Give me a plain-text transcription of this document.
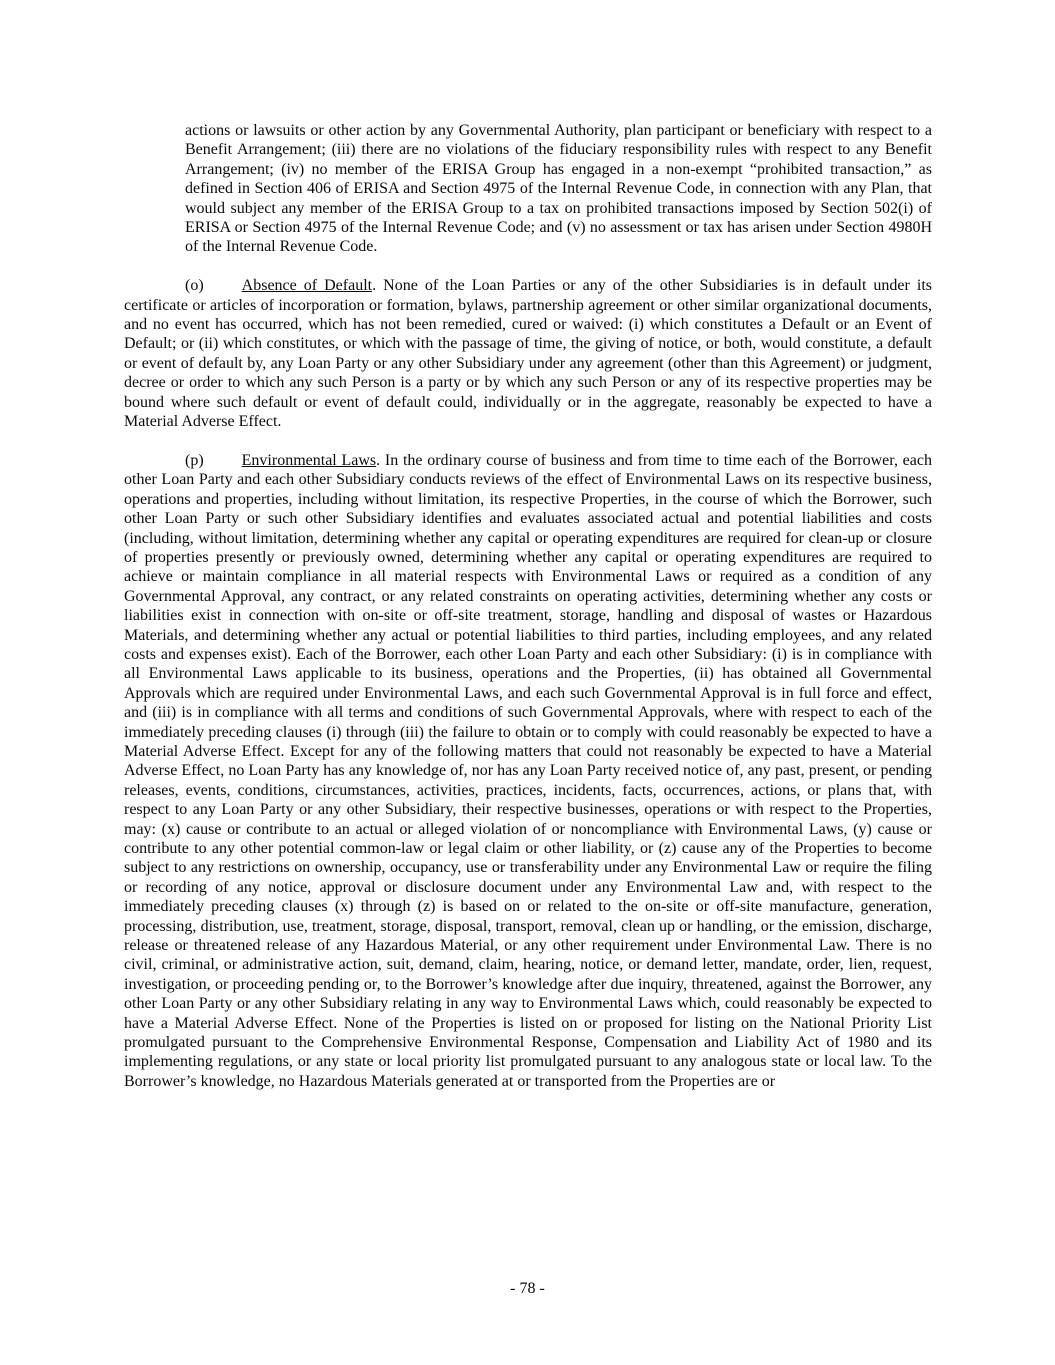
actions or lawsuits or other action by any Governmental Authority, plan participant or beneficiary with respect to a Benefit Arrangement; (iii) there are no violations of the fiduciary responsibility rules with respect to any Benefit Arrangement; (iv) no member of the ERISA Group has engaged in a non-exempt “prohibited transaction,” as defined in Section 406 of ERISA and Section 4975 of the Internal Revenue Code, in connection with any Plan, that would subject any member of the ERISA Group to a tax on prohibited transactions imposed by Section 502(i) of ERISA or Section 4975 of the Internal Revenue Code; and (v) no assessment or tax has arisen under Section 4980H of the Internal Revenue Code.

(o) Absence of Default. None of the Loan Parties or any of the other Subsidiaries is in default under its certificate or articles of incorporation or formation, bylaws, partnership agreement or other similar organizational documents, and no event has occurred, which has not been remedied, cured or waived: (i) which constitutes a Default or an Event of Default; or (ii) which constitutes, or which with the passage of time, the giving of notice, or both, would constitute, a default or event of default by, any Loan Party or any other Subsidiary under any agreement (other than this Agreement) or judgment, decree or order to which any such Person is a party or by which any such Person or any of its respective properties may be bound where such default or event of default could, individually or in the aggregate, reasonably be expected to have a Material Adverse Effect.

(p) Environmental Laws. In the ordinary course of business and from time to time each of the Borrower, each other Loan Party and each other Subsidiary conducts reviews of the effect of Environmental Laws on its respective business, operations and properties, including without limitation, its respective Properties, in the course of which the Borrower, such other Loan Party or such other Subsidiary identifies and evaluates associated actual and potential liabilities and costs (including, without limitation, determining whether any capital or operating expenditures are required for clean-up or closure of properties presently or previously owned, determining whether any capital or operating expenditures are required to achieve or maintain compliance in all material respects with Environmental Laws or required as a condition of any Governmental Approval, any contract, or any related constraints on operating activities, determining whether any costs or liabilities exist in connection with on-site or off-site treatment, storage, handling and disposal of wastes or Hazardous Materials, and determining whether any actual or potential liabilities to third parties, including employees, and any related costs and expenses exist). Each of the Borrower, each other Loan Party and each other Subsidiary: (i) is in compliance with all Environmental Laws applicable to its business, operations and the Properties, (ii) has obtained all Governmental Approvals which are required under Environmental Laws, and each such Governmental Approval is in full force and effect, and (iii) is in compliance with all terms and conditions of such Governmental Approvals, where with respect to each of the immediately preceding clauses (i) through (iii) the failure to obtain or to comply with could reasonably be expected to have a Material Adverse Effect. Except for any of the following matters that could not reasonably be expected to have a Material Adverse Effect, no Loan Party has any knowledge of, nor has any Loan Party received notice of, any past, present, or pending releases, events, conditions, circumstances, activities, practices, incidents, facts, occurrences, actions, or plans that, with respect to any Loan Party or any other Subsidiary, their respective businesses, operations or with respect to the Properties, may: (x) cause or contribute to an actual or alleged violation of or noncompliance with Environmental Laws, (y) cause or contribute to any other potential common-law or legal claim or other liability, or (z) cause any of the Properties to become subject to any restrictions on ownership, occupancy, use or transferability under any Environmental Law or require the filing or recording of any notice, approval or disclosure document under any Environmental Law and, with respect to the immediately preceding clauses (x) through (z) is based on or related to the on-site or off-site manufacture, generation, processing, distribution, use, treatment, storage, disposal, transport, removal, clean up or handling, or the emission, discharge, release or threatened release of any Hazardous Material, or any other requirement under Environmental Law. There is no civil, criminal, or administrative action, suit, demand, claim, hearing, notice, or demand letter, mandate, order, lien, request, investigation, or proceeding pending or, to the Borrower’s knowledge after due inquiry, threatened, against the Borrower, any other Loan Party or any other Subsidiary relating in any way to Environmental Laws which, could reasonably be expected to have a Material Adverse Effect. None of the Properties is listed on or proposed for listing on the National Priority List promulgated pursuant to the Comprehensive Environmental Response, Compensation and Liability Act of 1980 and its implementing regulations, or any state or local priority list promulgated pursuant to any analogous state or local law. To the Borrower’s knowledge, no Hazardous Materials generated at or transported from the Properties are or

- 78 -
